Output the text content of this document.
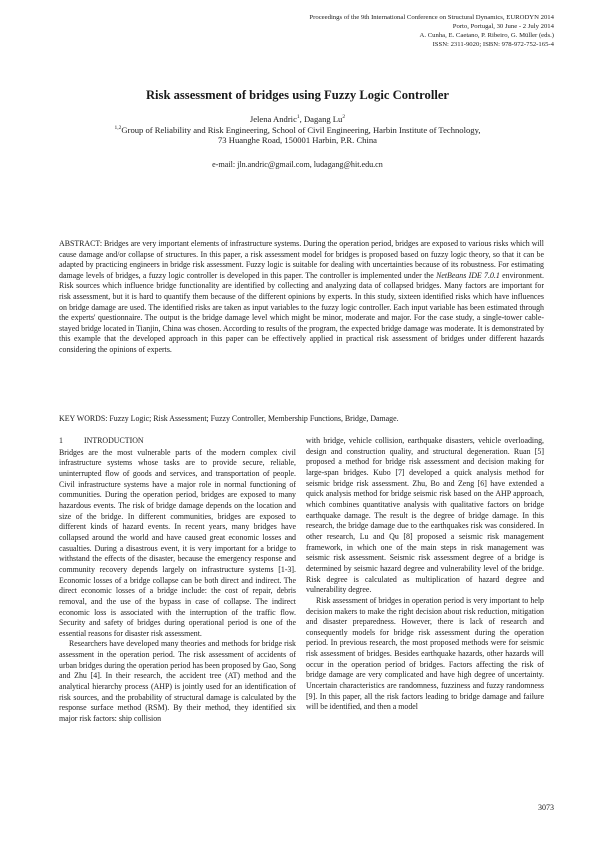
Proceedings of the 9th International Conference on Structural Dynamics, EURODYN 2014
Porto, Portugal, 30 June - 2 July 2014
A. Cunha, E. Caetano, P. Ribeiro, G. Müller (eds.)
ISSN: 2311-9020; ISBN: 978-972-752-165-4
Risk assessment of bridges using Fuzzy Logic Controller
Jelena Andric$^1$, Dagang Lu$^2$
$^{1,2}$Group of Reliability and Risk Engineering, School of Civil Engineering, Harbin Institute of Technology,
73 Huanghe Road, 150001 Harbin, P.R. China
e-mail: jln.andric@gmail.com, ludagang@hit.edu.cn
ABSTRACT: Bridges are very important elements of infrastructure systems. During the operation period, bridges are exposed to various risks which will cause damage and/or collapse of structures. In this paper, a risk assessment model for bridges is proposed based on fuzzy logic theory, so that it can be adapted by practicing engineers in bridge risk assessment. Fuzzy logic is suitable for dealing with uncertainties because of its robustness. For estimating damage levels of bridges, a fuzzy logic controller is developed in this paper. The controller is implemented under the NetBeans IDE 7.0.1 environment. Risk sources which influence bridge functionality are identified by collecting and analyzing data of collapsed bridges. Many factors are important for risk assessment, but it is hard to quantify them because of the different opinions by experts. In this study, sixteen identified risks which have influences on bridge damage are used. The identified risks are taken as input variables to the fuzzy logic controller. Each input variable has been estimated through the experts' questionnaire. The output is the bridge damage level which might be minor, moderate and major. For the case study, a single-tower cable-stayed bridge located in Tianjin, China was chosen. According to results of the program, the expected bridge damage was moderate. It is demonstrated by this example that the developed approach in this paper can be effectively applied in practical risk assessment of bridges under different hazards considering the opinions of experts.
KEY WORDS: Fuzzy Logic; Risk Assessment; Fuzzy Controller, Membership Functions, Bridge, Damage.
1	INTRODUCTION

Bridges are the most vulnerable parts of the modern complex civil infrastructure systems whose tasks are to provide secure, reliable, uninterrupted flow of goods and services, and transportation of people. Civil infrastructure systems have a major role in normal functioning of communities. During the operation period, bridges are exposed to many hazardous events. The risk of bridge damage depends on the location and size of the bridge. In different communities, bridges are exposed to different kinds of hazard events. In recent years, many bridges have collapsed around the world and have caused great economic losses and casualties. During a disastrous event, it is very important for a bridge to withstand the effects of the disaster, because the emergency response and community recovery depends largely on infrastructure systems [1-3]. Economic losses of a bridge collapse can be both direct and indirect. The direct economic losses of a bridge include: the cost of repair, debris removal, and the use of the bypass in case of collapse. The indirect economic loss is associated with the interruption of the traffic flow. Security and safety of bridges during operational period is one of the essential reasons for disaster risk assessment.

Researchers have developed many theories and methods for bridge risk assessment in the operation period. The risk assessment of accidents of urban bridges during the operation period has been proposed by Gao, Song and Zhu [4]. In their research, the accident tree (AT) method and the analytical hierarchy process (AHP) is jointly used for an identification of risk sources, and the probability of structural damage is calculated by the response surface method (RSM). By their method, they identified six major risk factors: ship collision

with bridge, vehicle collision, earthquake disasters, vehicle overloading, design and construction quality, and structural degeneration. Ruan [5] proposed a method for bridge risk assessment and decision making for large-span bridges. Kubo [7] developed a quick analysis method for seismic bridge risk assessment. Zhu, Bo and Zeng [6] have extended a quick analysis method for bridge seismic risk based on the AHP approach, which combines quantitative analysis with qualitative factors on bridge earthquake damage. The result is the degree of bridge damage. In this research, the bridge damage due to the earthquakes risk was considered. In other research, Lu and Qu [8] proposed a seismic risk management framework, in which one of the main steps in risk management was seismic risk assessment. Seismic risk assessment degree of a bridge is determined by seismic hazard degree and vulnerability level of the bridge. Risk degree is calculated as multiplication of hazard degree and vulnerability degree.

Risk assessment of bridges in operation period is very important to help decision makers to make the right decision about risk reduction, mitigation and disaster preparedness. However, there is lack of research and consequently models for bridge risk assessment during the operation period. In previous research, the most proposed methods were for seismic risk assessment of bridges. Besides earthquake hazards, other hazards will occur in the operation period of bridges. Factors affecting the risk of bridge damage are very complicated and have high degree of uncertainty. Uncertain characteristics are randomness, fuzziness and fuzzy randomness [9]. In this paper, all the risk factors leading to bridge damage and failure will be identified, and then a model

3073
